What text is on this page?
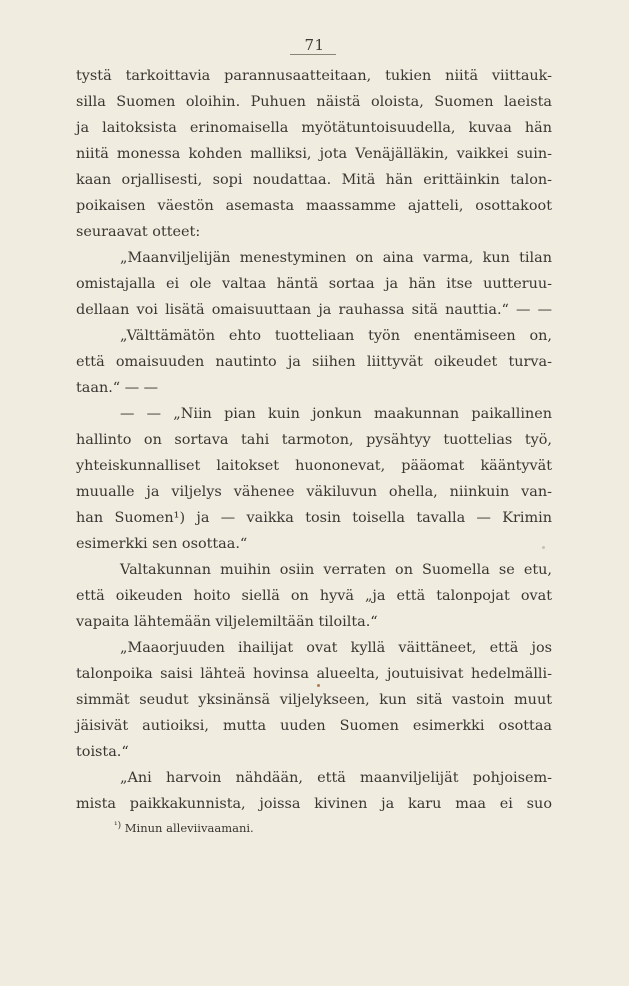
71
tystä tarkoittavia parannusaatteitaan, tukien niitä viittauk-
silla Suomen oloihin. Puhuen näistä oloista, Suomen laeista
ja laitoksista erinomaisella myötätuntoisuudella, kuvaa hän
niitä monessa kohden malliksi, jota Venäjälläkin, vaikkei suin-
kaan orjallisesti, sopi noudattaa. Mitä hän erittäinkin talon-
poikaisen väestön asemasta maassamme ajatteli, osottakoot
seuraavat otteet:
„Maanviljelijän menestyminen on aina varma, kun tilan
omistajalla ei ole valtaa häntä sortaa ja hän itse uutteruu-
dellaan voi lisätä omaisuuttaan ja rauhassa sitä nauttia.“ — —
„Välttämätön ehto tuotteliaan työn enentämiseen on,
että omaisuuden nautinto ja siihen liittyvät oikeudet turva-
taan.“ — —
— — „Niin pian kuin jonkun maakunnan paikallinen
hallinto on sortava tahi tarmoton, pysähtyy tuottelias työ,
yhteiskunnalliset laitokset huononevat, pääomat kääntyvät
muualle ja viljelys vähenee väkiluvun ohella, niinkuin van-
han Suomen¹) ja — vaikka tosin toisella tavalla — Krimin
esimerkki sen osottaa.“
Valtakunnan muihin osiin verraten on Suomella se etu,
että oikeuden hoito siellä on hyvä „ja että talonpojat ovat
vapaita lähtemään viljelemiltään tiloilta.“
„Maaorjuuden ihailijat ovat kyllä väittäneet, että jos
talonpoika saisi lähteä hovinsa alueelta, joutuisivat hedelmälli-
simmät seudut yksinänsä viljelykseen, kun sitä vastoin muut
jäisivät autioiksi, mutta uuden Suomen esimerkki osottaa
toista.“
„Ani harvoin nähdään, että maanviljelijät pohjoisem-
mista paikkakunnista, joissa kivinen ja karu maa ei suo
$^{^1)}$ Minun alleviivaamani.
